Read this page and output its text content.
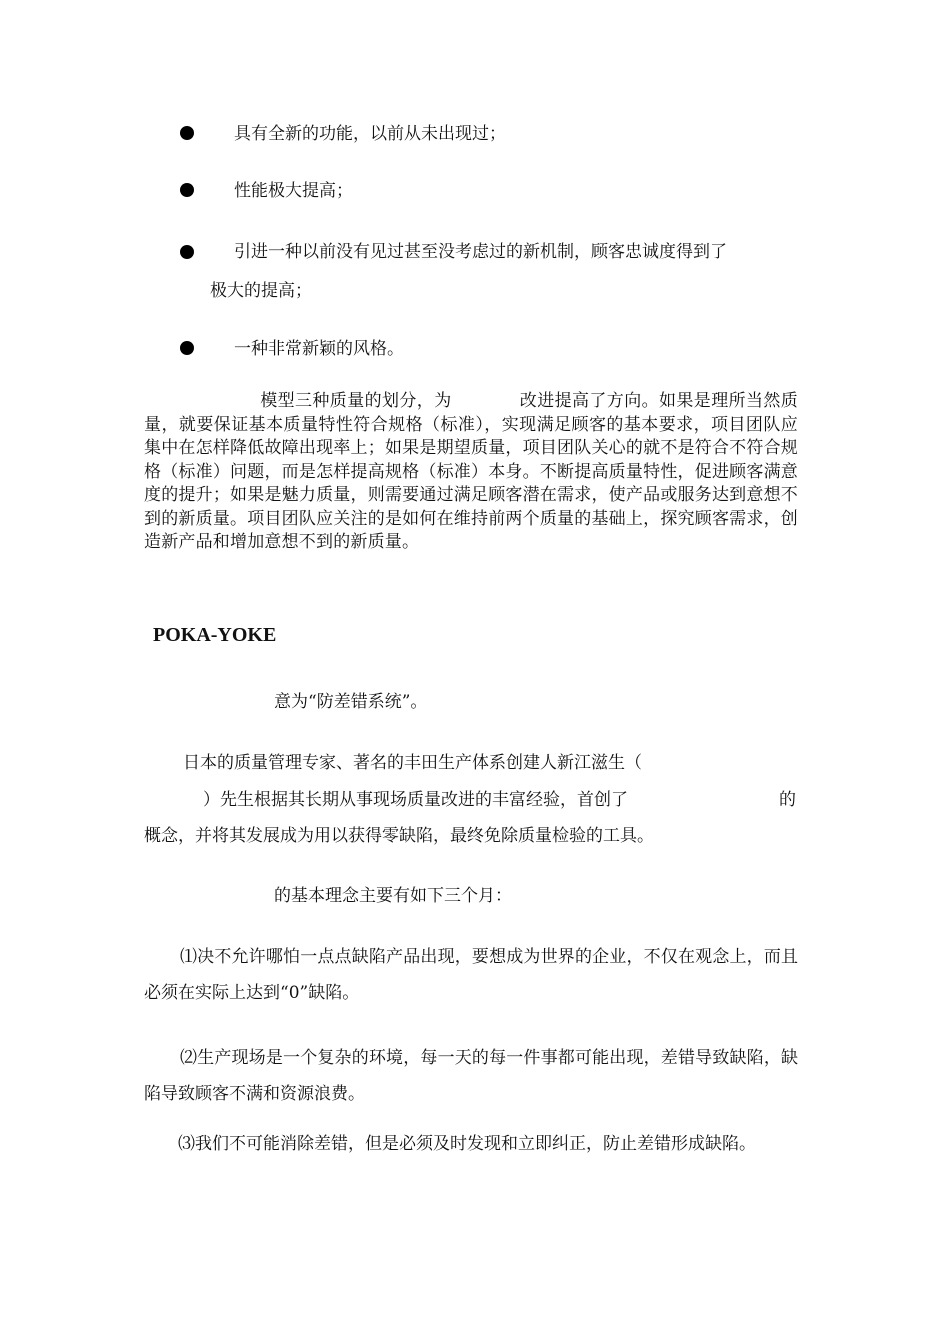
具有全新的功能，以前从未出现过；
性能极大提高；
引进一种以前没有见过甚至没考虑过的新机制，顾客忠诚度得到了
极大的提高；
一种非常新颖的风格。
模型三种质量的划分，为	改进提高了方向。如果是理所当然质量，就要保证基本质量特性符合规格（标准），实现满足顾客的基本要求，项目团队应集中在怎样降低故障出现率上；如果是期望质量，项目团队关心的就不是符合不符合规格（标准）问题，而是怎样提高规格（标准）本身。不断提高质量特性，促进顾客满意度的提升；如果是魅力质量，则需要通过满足顾客潜在需求，使产品或服务达到意想不到的新质量。项目团队应关注的是如何在维持前两个质量的基础上，探究顾客需求，创造新产品和增加意想不到的新质量。
POKA-YOKE
意为“防差错系统”。
日本的质量管理专家、著名的丰田生产体系创建人新江滋生（
）先生根据其长期从事现场质量改进的丰富经验，首创了	的
概念，并将其发展成为用以获得零缺陷，最终免除质量检验的工具。
的基本理念主要有如下三个月：
⑴决不允许哪怕一点点缺陷产品出现，要想成为世界的企业，不仅在观念上，而且必须在实际上达到“0”缺陷。
⑵生产现场是一个复杂的环境，每一天的每一件事都可能出现，差错导致缺陷，缺陷导致顾客不满和资源浪费。
⑶我们不可能消除差错，但是必须及时发现和立即纠正，防止差错形成缺陷。
